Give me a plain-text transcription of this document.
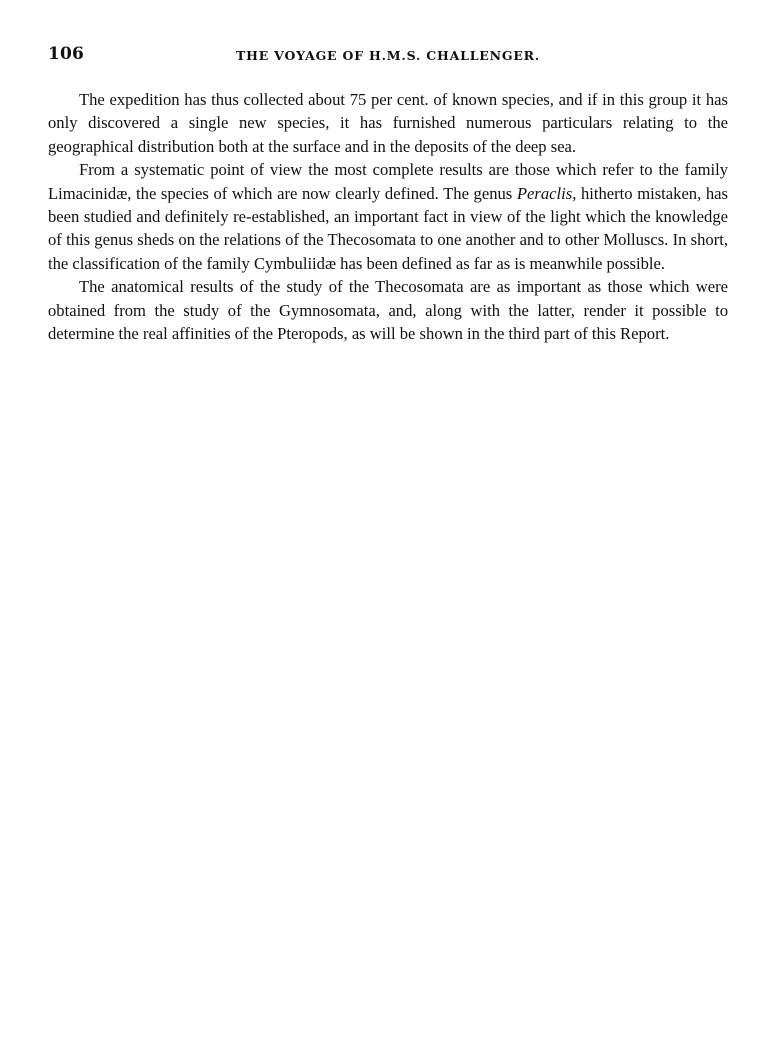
106	THE VOYAGE OF H.M.S. CHALLENGER.

The expedition has thus collected about 75 per cent. of known species, and if in this group it has only discovered a single new species, it has furnished numerous particulars relating to the geographical distribution both at the surface and in the deposits of the deep sea.

From a systematic point of view the most complete results are those which refer to the family Limacinidæ, the species of which are now clearly defined. The genus Peraclis, hitherto mistaken, has been studied and definitely re-established, an important fact in view of the light which the knowledge of this genus sheds on the relations of the Thecosomata to one another and to other Molluscs. In short, the classification of the family Cymbuliidæ has been defined as far as is meanwhile possible.

The anatomical results of the study of the Thecosomata are as important as those which were obtained from the study of the Gymnosomata, and, along with the latter, render it possible to determine the real affinities of the Pteropods, as will be shown in the third part of this Report.
